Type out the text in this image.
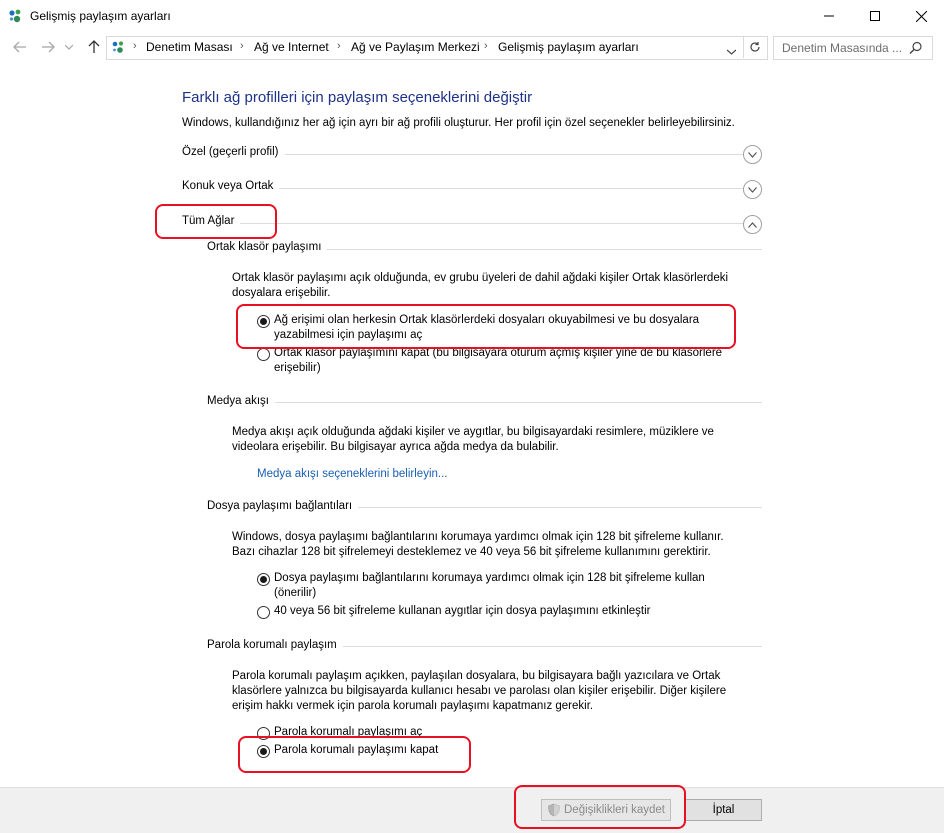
Gelişmiş paylaşım ayarları
› Denetim Masası › Ağ ve Internet › Ağ ve Paylaşım Merkezi › Gelişmiş paylaşım ayarları	Denetim Masasında ...
Farklı ağ profilleri için paylaşım seçeneklerini değiştir
Windows, kullandığınız her ağ için ayrı bir ağ profili oluşturur. Her profil için özel seçenekler belirleyebilirsiniz.
Özel (geçerli profil)
Konuk veya Ortak
Tüm Ağlar
Ortak klasör paylaşımı
Ortak klasör paylaşımı açık olduğunda, ev grubu üyeleri de dahil ağdaki kişiler Ortak klasörlerdeki
dosyalara erişebilir.
Ağ erişimi olan herkesin Ortak klasörlerdeki dosyaları okuyabilmesi ve bu dosyalara
yazabilmesi için paylaşımı aç
Ortak klasör paylaşımını kapat (bu bilgisayara oturum açmış kişiler yine de bu klasörlere
erişebilir)
Medya akışı
Medya akışı açık olduğunda ağdaki kişiler ve aygıtlar, bu bilgisayardaki resimlere, müziklere ve
videolara erişebilir. Bu bilgisayar ayrıca ağda medya da bulabilir.
Medya akışı seçeneklerini belirleyin...
Dosya paylaşımı bağlantıları
Windows, dosya paylaşımı bağlantılarını korumaya yardımcı olmak için 128 bit şifreleme kullanır.
Bazı cihazlar 128 bit şifrelemeyi desteklemez ve 40 veya 56 bit şifreleme kullanımını gerektirir.
Dosya paylaşımı bağlantılarını korumaya yardımcı olmak için 128 bit şifreleme kullan
(önerilir)
40 veya 56 bit şifreleme kullanan aygıtlar için dosya paylaşımını etkinleştir
Parola korumalı paylaşım
Parola korumalı paylaşım açıkken, paylaşılan dosyalara, bu bilgisayara bağlı yazıcılara ve Ortak
klasörlere yalnızca bu bilgisayarda kullanıcı hesabı ve parolası olan kişiler erişebilir. Diğer kişilere
erişim hakkı vermek için parola korumalı paylaşımı kapatmanız gerekir.
Parola korumalı paylaşımı aç
Parola korumalı paylaşımı kapat
Değişiklikleri kaydet	İptal
